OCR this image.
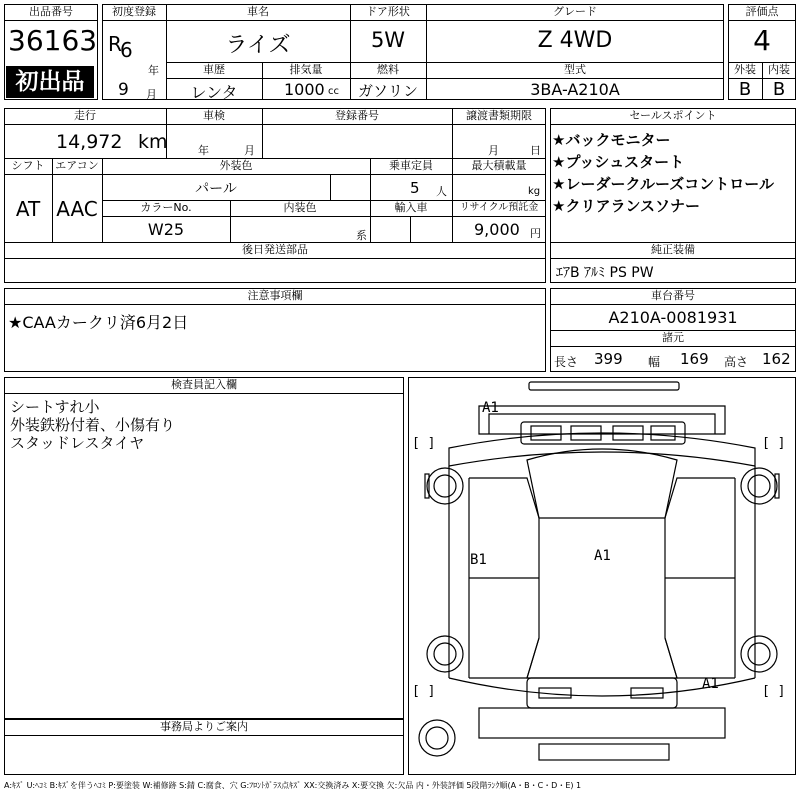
出品番号
36163
初出品
初度登録
R
6
年
9 月
車名
ライズ
ドア形状
5W
グレード
Z 4WD
車歴
レンタ
排気量
1000 cc
燃料
ガソリン
型式
3BA-A210A
評価点
4
外装	内装
B	B
走行
14,972 km
車検
年	月
登録番号	譲渡書類期限
月	日
シフト
AT
エアコン
AAC
外装色
パール
乗車定員
5 人
最大積載量
kg
カラーNo.
W25
内装色
系
輸入車	リサイクル預託金
9,000 円
後日発送部品
セールスポイント
★バックモニター
★プッシュスタート
★レーダークルーズコントロール
★クリアランスソナー
純正装備
ｴｱB ｱﾙﾐ PS PW
注意事項欄
★CAAカークリ済6月2日
車台番号
A210A-0081931
諸元
長さ 399 幅 169 高さ 162
検査員記入欄
シートすれ小
外装鉄粉付着、小傷有り
スタッドレスタイヤ
事務局よりご案内
A1
B1	A1
A1
[ ]	[ ]
[ ]	[ ]
A:ｷｽﾞ U:ﾍｺﾐ B:ｷｽﾞを伴うﾍｺﾐ P:要塗装 W:補修跡 S:錆 C:腐食、穴 G:ﾌﾛﾝﾄｶﾞﾗｽ点ｷｽﾞ XX:交換済み X:要交換 欠:欠品 内・外装評価 5段階ﾗﾝｸ順(A・B・C・D・E) 1
